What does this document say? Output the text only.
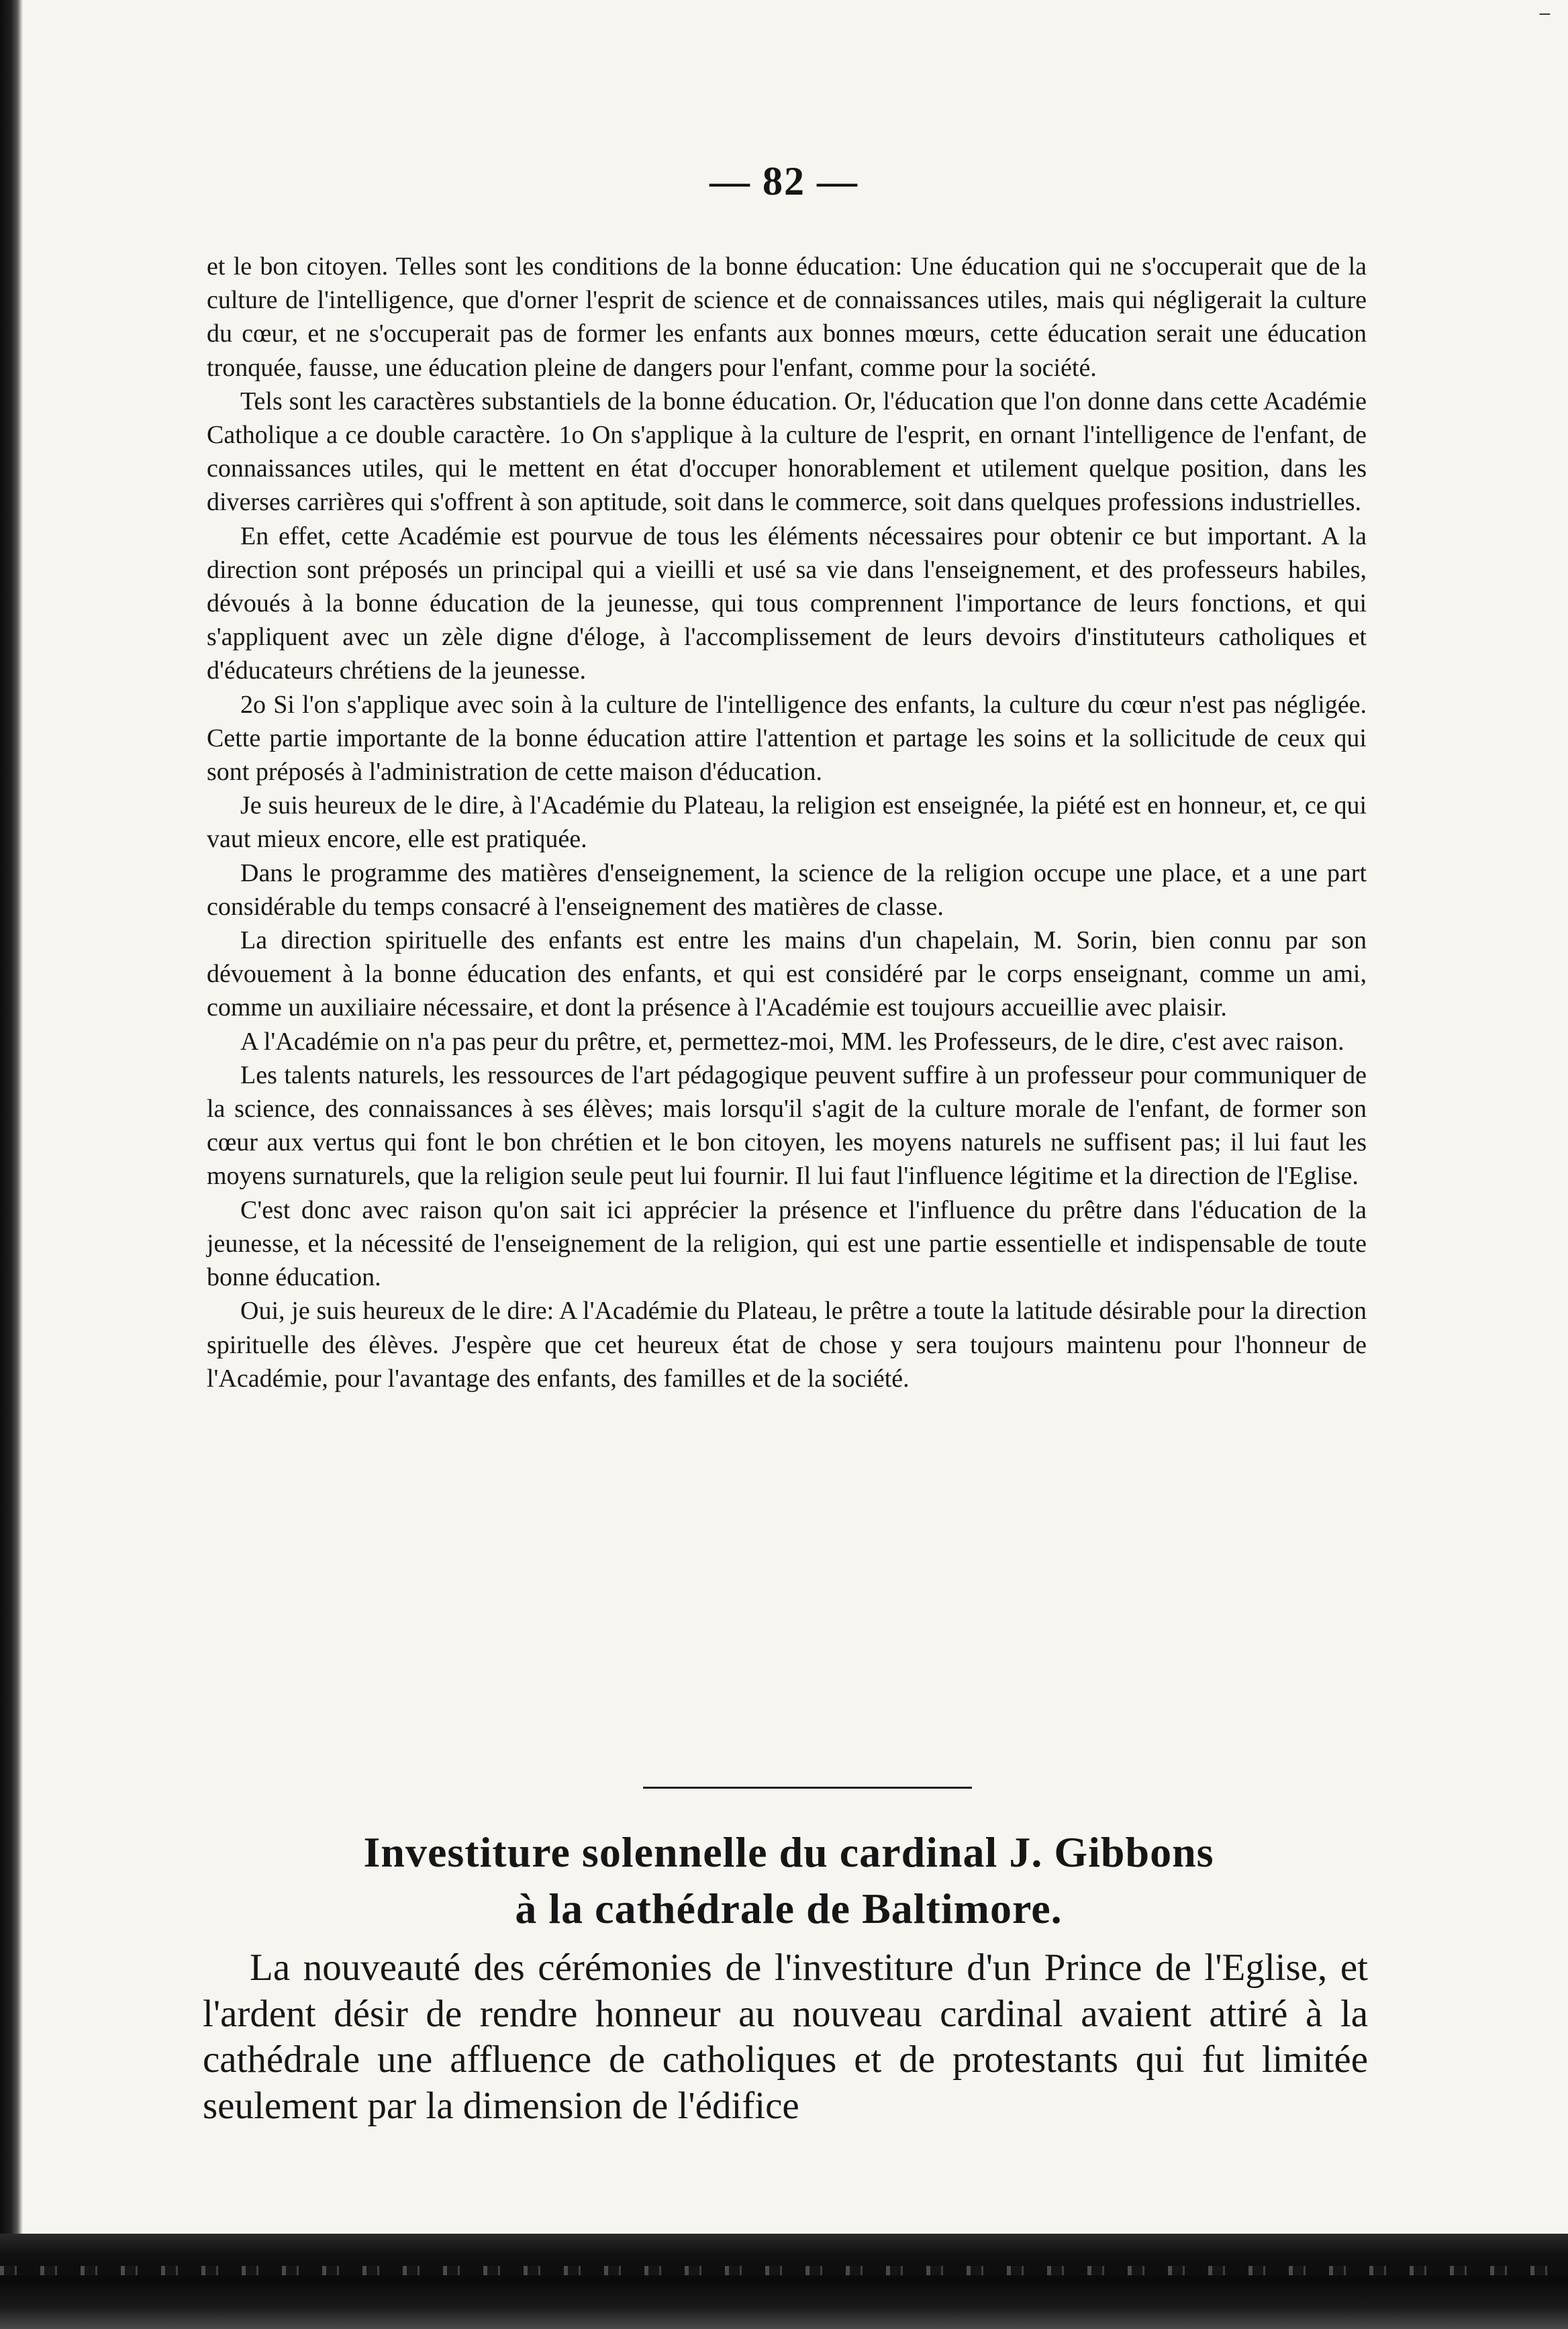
⁻
— 82 —

et le bon citoyen. Telles sont les conditions de la bonne éducation: Une éducation qui ne s'occuperait que de la culture de l'intelligence, que d'orner l'esprit de science et de connaissances utiles, mais qui négligerait la culture du cœur, et ne s'occuperait pas de former les enfants aux bonnes mœurs, cette éducation serait une éducation tronquée, fausse, une éducation pleine de dangers pour l'enfant, comme pour la société.

Tels sont les caractères substantiels de la bonne éducation. Or, l'éducation que l'on donne dans cette Académie Catholique a ce double caractère. 1o On s'applique à la culture de l'esprit, en ornant l'intelligence de l'enfant, de connaissances utiles, qui le mettent en état d'occuper honorablement et utilement quelque position, dans les diverses carrières qui s'offrent à son aptitude, soit dans le commerce, soit dans quelques professions industrielles.

En effet, cette Académie est pourvue de tous les éléments nécessaires pour obtenir ce but important. A la direction sont préposés un principal qui a vieilli et usé sa vie dans l'enseignement, et des professeurs habiles, dévoués à la bonne éducation de la jeunesse, qui tous comprennent l'importance de leurs fonctions, et qui s'appliquent avec un zèle digne d'éloge, à l'accomplissement de leurs devoirs d'instituteurs catholiques et d'éducateurs chrétiens de la jeunesse.

2o Si l'on s'applique avec soin à la culture de l'intelligence des enfants, la culture du cœur n'est pas négligée. Cette partie importante de la bonne éducation attire l'attention et partage les soins et la sollicitude de ceux qui sont préposés à l'administration de cette maison d'éducation.

Je suis heureux de le dire, à l'Académie du Plateau, la religion est enseignée, la piété est en honneur, et, ce qui vaut mieux encore, elle est pratiquée.

Dans le programme des matières d'enseignement, la science de la religion occupe une place, et a une part considérable du temps consacré à l'enseignement des matières de classe.

La direction spirituelle des enfants est entre les mains d'un chapelain, M. Sorin, bien connu par son dévouement à la bonne éducation des enfants, et qui est considéré par le corps enseignant, comme un ami, comme un auxiliaire nécessaire, et dont la présence à l'Académie est toujours accueillie avec plaisir.

A l'Académie on n'a pas peur du prêtre, et, permettez-moi, MM. les Professeurs, de le dire, c'est avec raison.

Les talents naturels, les ressources de l'art pédagogique peuvent suffire à un professeur pour communiquer de la science, des connaissances à ses élèves; mais lorsqu'il s'agit de la culture morale de l'enfant, de former son cœur aux vertus qui font le bon chrétien et le bon citoyen, les moyens naturels ne suffisent pas; il lui faut les moyens surnaturels, que la religion seule peut lui fournir. Il lui faut l'influence légitime et la direction de l'Eglise.

C'est donc avec raison qu'on sait ici apprécier la présence et l'influence du prêtre dans l'éducation de la jeunesse, et la nécessité de l'enseignement de la religion, qui est une partie essentielle et indispensable de toute bonne éducation.

Oui, je suis heureux de le dire: A l'Académie du Plateau, le prêtre a toute la latitude désirable pour la direction spirituelle des élèves. J'espère que cet heureux état de chose y sera toujours maintenu pour l'honneur de l'Académie, pour l'avantage des enfants, des familles et de la société.

Investiture solennelle du cardinal J. Gibbons
à la cathédrale de Baltimore.

La nouveauté des cérémonies de l'investiture d'un Prince de l'Eglise, et l'ardent désir de rendre honneur au nouveau cardinal avaient attiré à la cathédrale une affluence de catholiques et de protestants qui fut limitée seulement par la dimension de l'édifice
